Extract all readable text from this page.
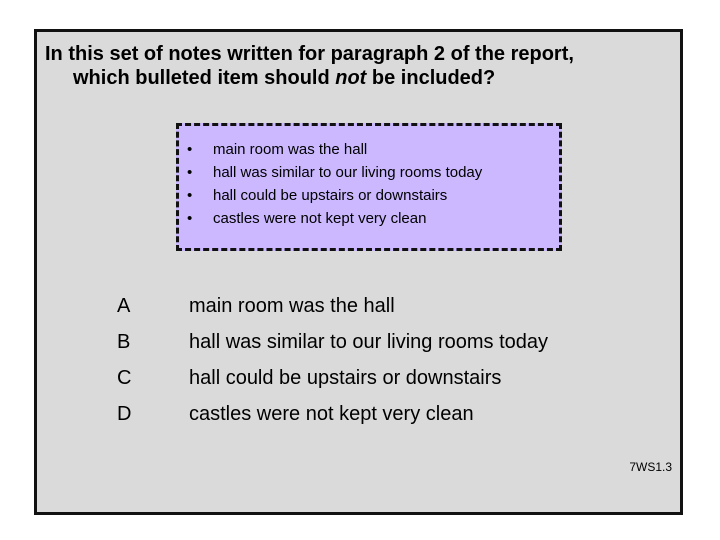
In this set of notes written for paragraph 2 of the report,
which bulleted item should not be included?
•	main room was the hall
•	hall was similar to our living rooms today
•	hall could be upstairs or downstairs
•	castles were not kept very clean
A	main room was the hall
B	hall was similar to our living rooms today
C	hall could be upstairs or downstairs
D	castles were not kept very clean
7WS1.3
